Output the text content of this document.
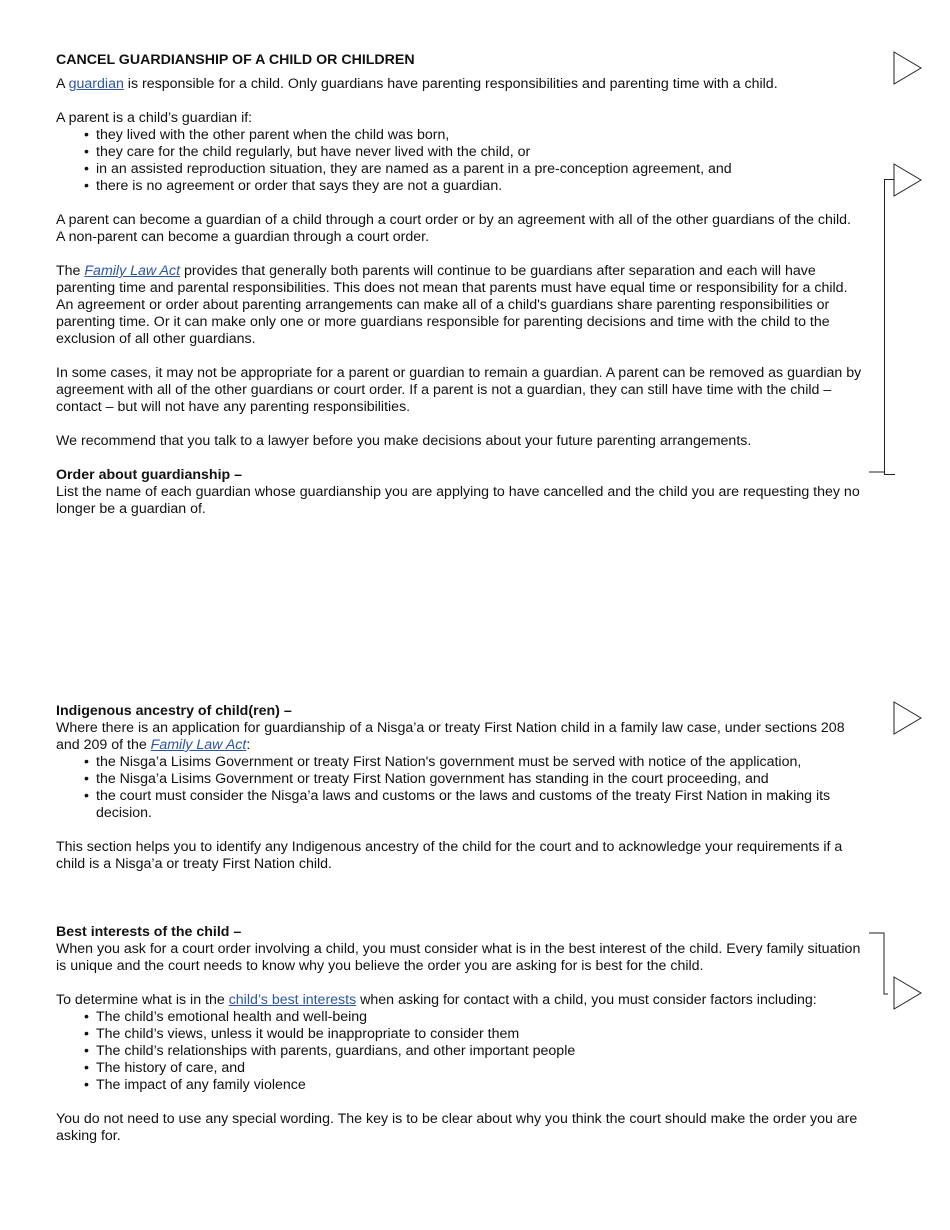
CANCEL GUARDIANSHIP OF A CHILD OR CHILDREN

A guardian is responsible for a child. Only guardians have parenting responsibilities and parenting time with a child.

A parent is a child’s guardian if:

• they lived with the other parent when the child was born,
• they care for the child regularly, but have never lived with the child, or
• in an assisted reproduction situation, they are named as a parent in a pre-conception agreement, and
• there is no agreement or order that says they are not a guardian.

A parent can become a guardian of a child through a court order or by an agreement with all of the other guardians of the child. A non-parent can become a guardian through a court order.

The Family Law Act provides that generally both parents will continue to be guardians after separation and each will have parenting time and parental responsibilities. This does not mean that parents must have equal time or responsibility for a child. An agreement or order about parenting arrangements can make all of a child's guardians share parenting responsibilities or parenting time. Or it can make only one or more guardians responsible for parenting decisions and time with the child to the exclusion of all other guardians.

In some cases, it may not be appropriate for a parent or guardian to remain a guardian. A parent can be removed as guardian by agreement with all of the other guardians or court order. If a parent is not a guardian, they can still have time with the child – contact – but will not have any parenting responsibilities.

We recommend that you talk to a lawyer before you make decisions about your future parenting arrangements.

Order about guardianship –

List the name of each guardian whose guardianship you are applying to have cancelled and the child you are requesting they no longer be a guardian of.

Indigenous ancestry of child(ren) –

Where there is an application for guardianship of a Nisga’a or treaty First Nation child in a family law case, under sections 208 and 209 of the Family Law Act:

• the Nisga’a Lisims Government or treaty First Nation's government must be served with notice of the application,
• the Nisga’a Lisims Government or treaty First Nation government has standing in the court proceeding, and
• the court must consider the Nisga’a laws and customs or the laws and customs of the treaty First Nation in making its decision.

This section helps you to identify any Indigenous ancestry of the child for the court and to acknowledge your requirements if a child is a Nisga’a or treaty First Nation child.

Best interests of the child –

When you ask for a court order involving a child, you must consider what is in the best interest of the child. Every family situation is unique and the court needs to know why you believe the order you are asking for is best for the child.

To determine what is in the child’s best interests when asking for contact with a child, you must consider factors including:

• The child’s emotional health and well-being
• The child’s views, unless it would be inappropriate to consider them
• The child’s relationships with parents, guardians, and other important people
• The history of care, and
• The impact of any family violence

You do not need to use any special wording. The key is to be clear about why you think the court should make the order you are asking for.
